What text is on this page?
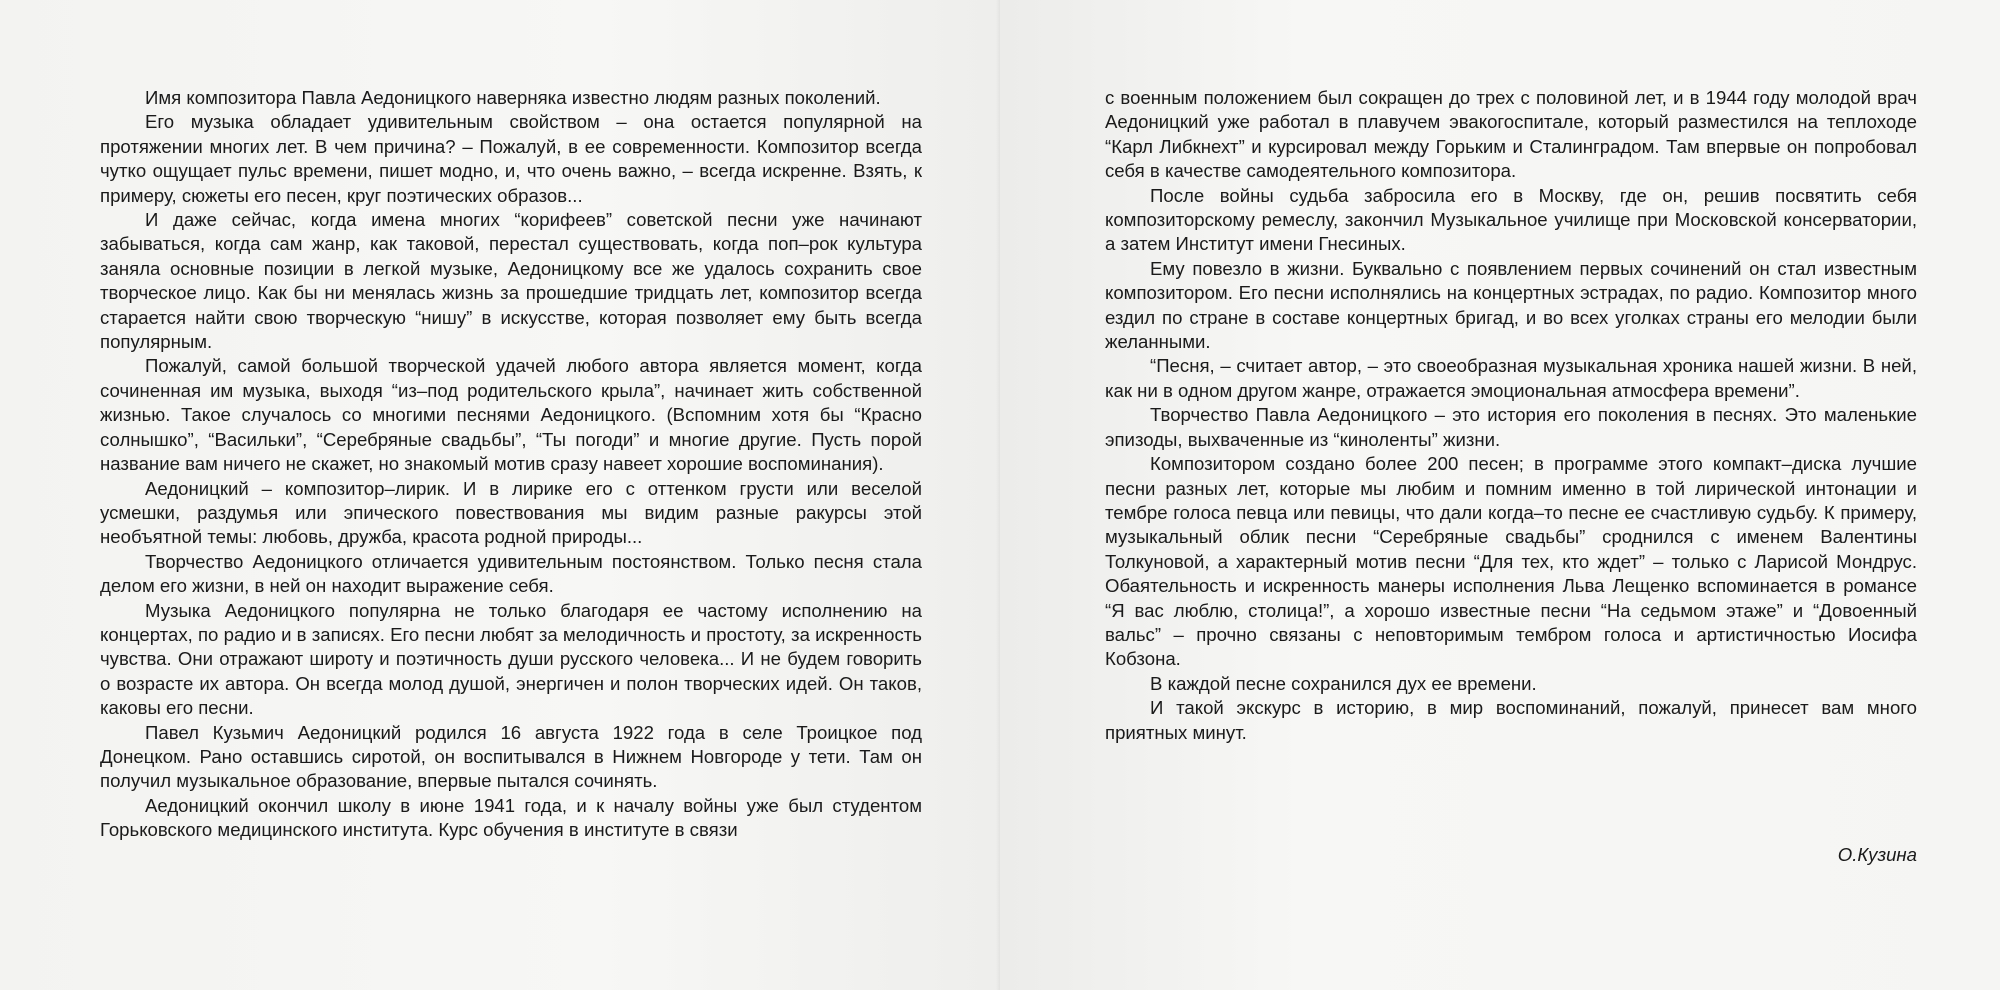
Имя композитора Павла Аедоницкого наверняка известно людям разных поколений.

Его музыка обладает удивительным свойством – она остается популярной на протяжении многих лет. В чем причина? – Пожалуй, в ее современности. Композитор всегда чутко ощущает пульс времени, пишет модно, и, что очень важно, – всегда искренне. Взять, к примеру, сюжеты его песен, круг поэтических образов...

И даже сейчас, когда имена многих “корифеев” советской песни уже начинают забываться, когда сам жанр, как таковой, перестал существовать, когда поп–рок культура заняла основные позиции в легкой музыке, Аедоницкому все же удалось сохранить свое творческое лицо. Как бы ни менялась жизнь за прошедшие тридцать лет, композитор всегда старается найти свою творческую “нишу” в искусстве, которая позволяет ему быть всегда популярным.

Пожалуй, самой большой творческой удачей любого автора является момент, когда сочиненная им музыка, выходя “из–под родительского крыла”, начинает жить собственной жизнью. Такое случалось со многими песнями Аедоницкого. (Вспомним хотя бы “Красно солнышко”, “Васильки”, “Серебряные свадьбы”, “Ты погоди” и многие другие. Пусть порой название вам ничего не скажет, но знакомый мотив сразу навеет хорошие воспоминания).

Аедоницкий – композитор–лирик. И в лирике его с оттенком грусти или веселой усмешки, раздумья или эпического повествования мы видим разные ракурсы этой необъятной темы: любовь, дружба, красота родной природы...

Творчество Аедоницкого отличается удивительным постоянством. Только песня стала делом его жизни, в ней он находит выражение себя.

Музыка Аедоницкого популярна не только благодаря ее частому исполнению на концертах, по радио и в записях. Его песни любят за мелодичность и простоту, за искренность чувства. Они отражают широту и поэтичность души русского человека... И не будем говорить о возрасте их автора. Он всегда молод душой, энергичен и полон творческих идей. Он таков, каковы его песни.

Павел Кузьмич Аедоницкий родился 16 августа 1922 года в селе Троицкое под Донецком. Рано оставшись сиротой, он воспитывался в Нижнем Новгороде у тети. Там он получил музыкальное образование, впервые пытался сочинять.

Аедоницкий окончил школу в июне 1941 года, и к началу войны уже был студентом Горьковского медицинского института. Курс обучения в институте в связи

с военным положением был сокращен до трех с половиной лет, и в 1944 году молодой врач Аедоницкий уже работал в плавучем эвакогоспитале, который разместился на теплоходе “Карл Либкнехт” и курсировал между Горьким и Сталинградом. Там впервые он попробовал себя в качестве самодеятельного композитора.

После войны судьба забросила его в Москву, где он, решив посвятить себя композиторскому ремеслу, закончил Музыкальное училище при Московской консерватории, а затем Институт имени Гнесиных.

Ему повезло в жизни. Буквально с появлением первых сочинений он стал известным композитором. Его песни исполнялись на концертных эстрадах, по радио. Композитор много ездил по стране в составе концертных бригад, и во всех уголках страны его мелодии были желанными.

“Песня, – считает автор, – это своеобразная музыкальная хроника нашей жизни. В ней, как ни в одном другом жанре, отражается эмоциональная атмосфера времени”.

Творчество Павла Аедоницкого – это история его поколения в песнях. Это маленькие эпизоды, выхваченные из “киноленты” жизни.

Композитором создано более 200 песен; в программе этого компакт–диска лучшие песни разных лет, которые мы любим и помним именно в той лирической интонации и тембре голоса певца или певицы, что дали когда–то песне ее счастливую судьбу. К примеру, музыкальный облик песни “Серебряные свадьбы” сроднился с именем Валентины Толкуновой, а характерный мотив песни “Для тех, кто ждет” – только с Ларисой Мондрус. Обаятельность и искренность манеры исполнения Льва Лещенко вспоминается в романсе “Я вас люблю, столица!”, а хорошо известные песни “На седьмом этаже” и “Довоенный вальс” – прочно связаны с неповторимым тембром голоса и артистичностью Иосифа Кобзона.

В каждой песне сохранился дух ее времени.

И такой экскурс в историю, в мир воспоминаний, пожалуй, принесет вам много приятных минут.

О.Кузина
